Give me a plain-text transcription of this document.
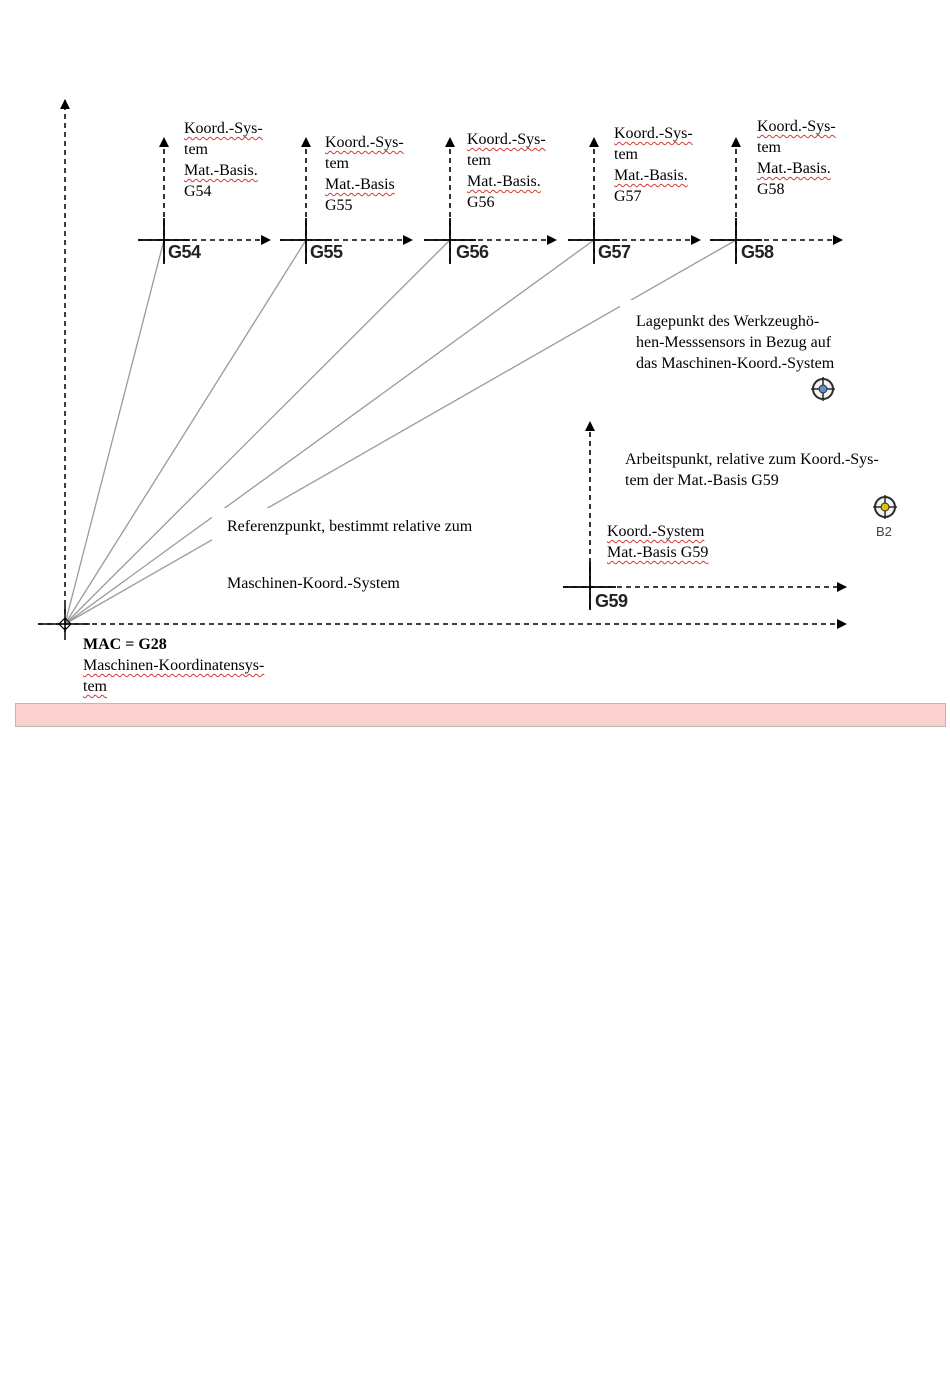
G54	G55	G56	G57	G58
G59
Koord.-Sys-
tem
Mat.-Basis.
G54
Koord.-Sys-
tem
Mat.-Basis
G55
Koord.-Sys-
tem
Mat.-Basis.
G56
Koord.-Sys-
tem
Mat.-Basis.
G57
Koord.-Sys-
tem
Mat.-Basis.
G58
Lagepunkt des Werkzeughö-
hen-Messsensors in Bezug auf
das Maschinen-Koord.-System
Arbeitspunkt, relative zum Koord.-Sys-
tem der Mat.-Basis G59
B2
Koord.-System
Mat.-Basis G59
Referenzpunkt, bestimmt relative zum
Maschinen-Koord.-System
MAC = G28
Maschinen-Koordinatensys-
tem
